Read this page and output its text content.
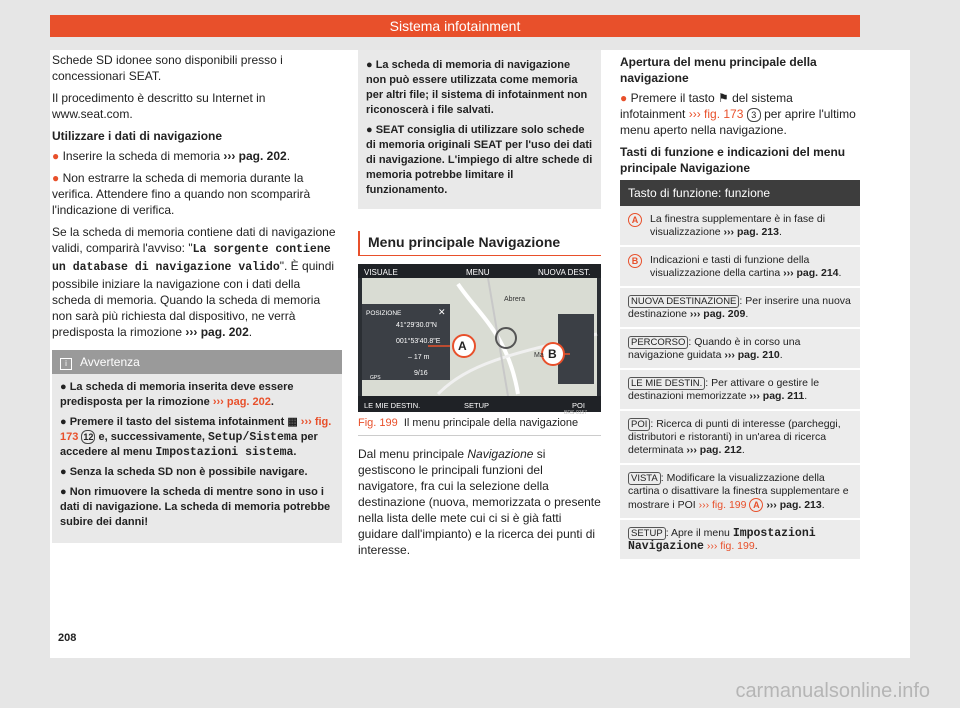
Sistema infotainment

Schede SD idonee sono disponibili presso i concessionari SEAT.

Il procedimento è descritto su Internet in www.seat.com.

Utilizzare i dati di navigazione

● Inserire la scheda di memoria ››› pag. 202.

● Non estrarre la scheda di memoria durante la verifica. Attendere fino a quando non scomparirà l'indicazione di verifica.

Se la scheda di memoria contiene dati di navigazione validi, comparirà l'avviso: "La sorgente contiene un database di navigazione valido". È quindi possibile iniziare la navigazione con i dati della scheda di memoria. Quando la scheda di memoria non sarà più richiesta dal dispositivo, ne verrà predisposta la rimozione ››› pag. 202.

i Avvertenza

● La scheda di memoria inserita deve essere predisposta per la rimozione ››› pag. 202.

● Premere il tasto del sistema infotainment ▦ ››› fig. 173 12 e, successivamente, Setup/Sistema per accedere al menu Impostazioni sistema.

● Senza la scheda SD non è possibile navigare.

● Non rimuovere la scheda di mentre sono in uso i dati di navigazione. La scheda di memoria potrebbe subire dei danni!

● La scheda di memoria di navigazione non può essere utilizzata come memoria per altri file; il sistema di infotainment non riconoscerà i file salvati.

● SEAT consiglia di utilizzare solo schede di memoria originali SEAT per l'uso dei dati di navigazione. L'impiego di altre schede di memoria potrebbe limitare il funzionamento.

Menu principale Navigazione
VISUALE	MENU	NUOVA DEST.
POSIZIONE	✕
41°29'30.0"N
001°53'40.8"E
– 17 m
9/16
GPS
Abrera
Ma
A
B
LE MIE DESTIN.	SETUP	POI
BRS-0157
Fig. 199 Il menu principale della navigazione

Dal menu principale Navigazione si gestiscono le principali funzioni del navigatore, fra cui la selezione della destinazione (nuova, memorizzata o presente nella lista delle mete cui ci si è già fatti guidare dall'impianto) e la ricerca dei punti di interesse.

Apertura del menu principale della navigazione

● Premere il tasto ⚑ del sistema infotainment ››› fig. 173 3 per aprire l'ultimo menu aperto nella navigazione.

Tasti di funzione e indicazioni del menu principale Navigazione

Tasto di funzione: funzione
A	La finestra supplementare è in fase di visualizzazione ››› pag. 213.
B	Indicazioni e tasti di funzione della visualizzazione della cartina ››› pag. 214.
NUOVA DESTINAZIONE : Per inserire una nuova destinazione ››› pag. 209.
PERCORSO : Quando è in corso una navigazione guidata ››› pag. 210.
LE MIE DESTIN. : Per attivare o gestire le destinazioni memorizzate ››› pag. 211.
POI : Ricerca di punti di interesse (parcheggi, distributori e ristoranti) in un'area di ricerca determinata ››› pag. 212.
VISTA : Modificare la visualizzazione della cartina o disattivare la finestra supplementare e mostrare i POI ››› fig. 199 A ››› pag. 213.
SETUP : Apre il menu Impostazioni Navigazione ››› fig. 199.
208
carmanualsonline.info
